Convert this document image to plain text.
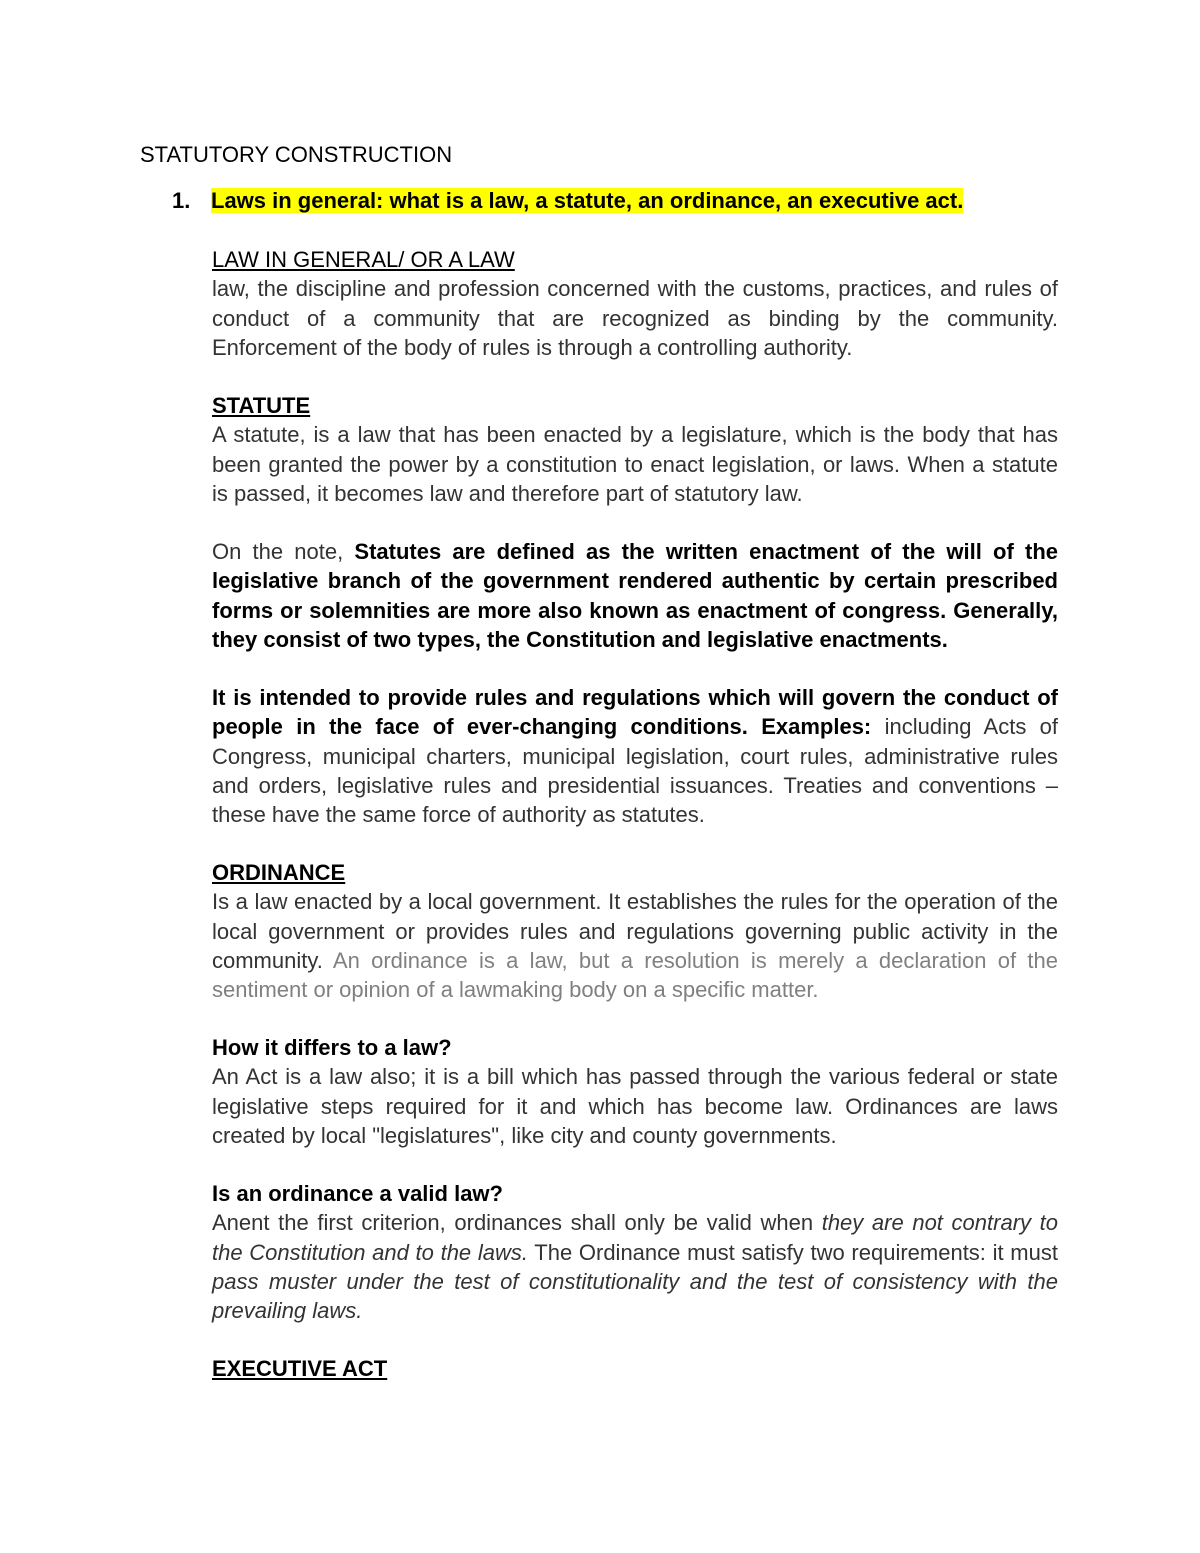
STATUTORY CONSTRUCTION
1. Laws in general: what is a law, a statute, an ordinance, an executive act.
LAW IN GENERAL/ OR A LAW
law, the discipline and profession concerned with the customs, practices, and rules of conduct of a community that are recognized as binding by the community. Enforcement of the body of rules is through a controlling authority.
STATUTE
A statute, is a law that has been enacted by a legislature, which is the body that has been granted the power by a constitution to enact legislation, or laws. When a statute is passed, it becomes law and therefore part of statutory law.
On the note, Statutes are defined as the written enactment of the will of the legislative branch of the government rendered authentic by certain prescribed forms or solemnities are more also known as enactment of congress. Generally, they consist of two types, the Constitution and legislative enactments.
It is intended to provide rules and regulations which will govern the conduct of people in the face of ever-changing conditions. Examples: including Acts of Congress, municipal charters, municipal legislation, court rules, administrative rules and orders, legislative rules and presidential issuances. Treaties and conventions – these have the same force of authority as statutes.
ORDINANCE
Is a law enacted by a local government. It establishes the rules for the operation of the local government or provides rules and regulations governing public activity in the community. An ordinance is a law, but a resolution is merely a declaration of the sentiment or opinion of a lawmaking body on a specific matter.
How it differs to a law?
An Act is a law also; it is a bill which has passed through the various federal or state legislative steps required for it and which has become law. Ordinances are laws created by local "legislatures", like city and county governments.
Is an ordinance a valid law?
Anent the first criterion, ordinances shall only be valid when they are not contrary to the Constitution and to the laws. The Ordinance must satisfy two requirements: it must pass muster under the test of constitutionality and the test of consistency with the prevailing laws.
EXECUTIVE ACT
